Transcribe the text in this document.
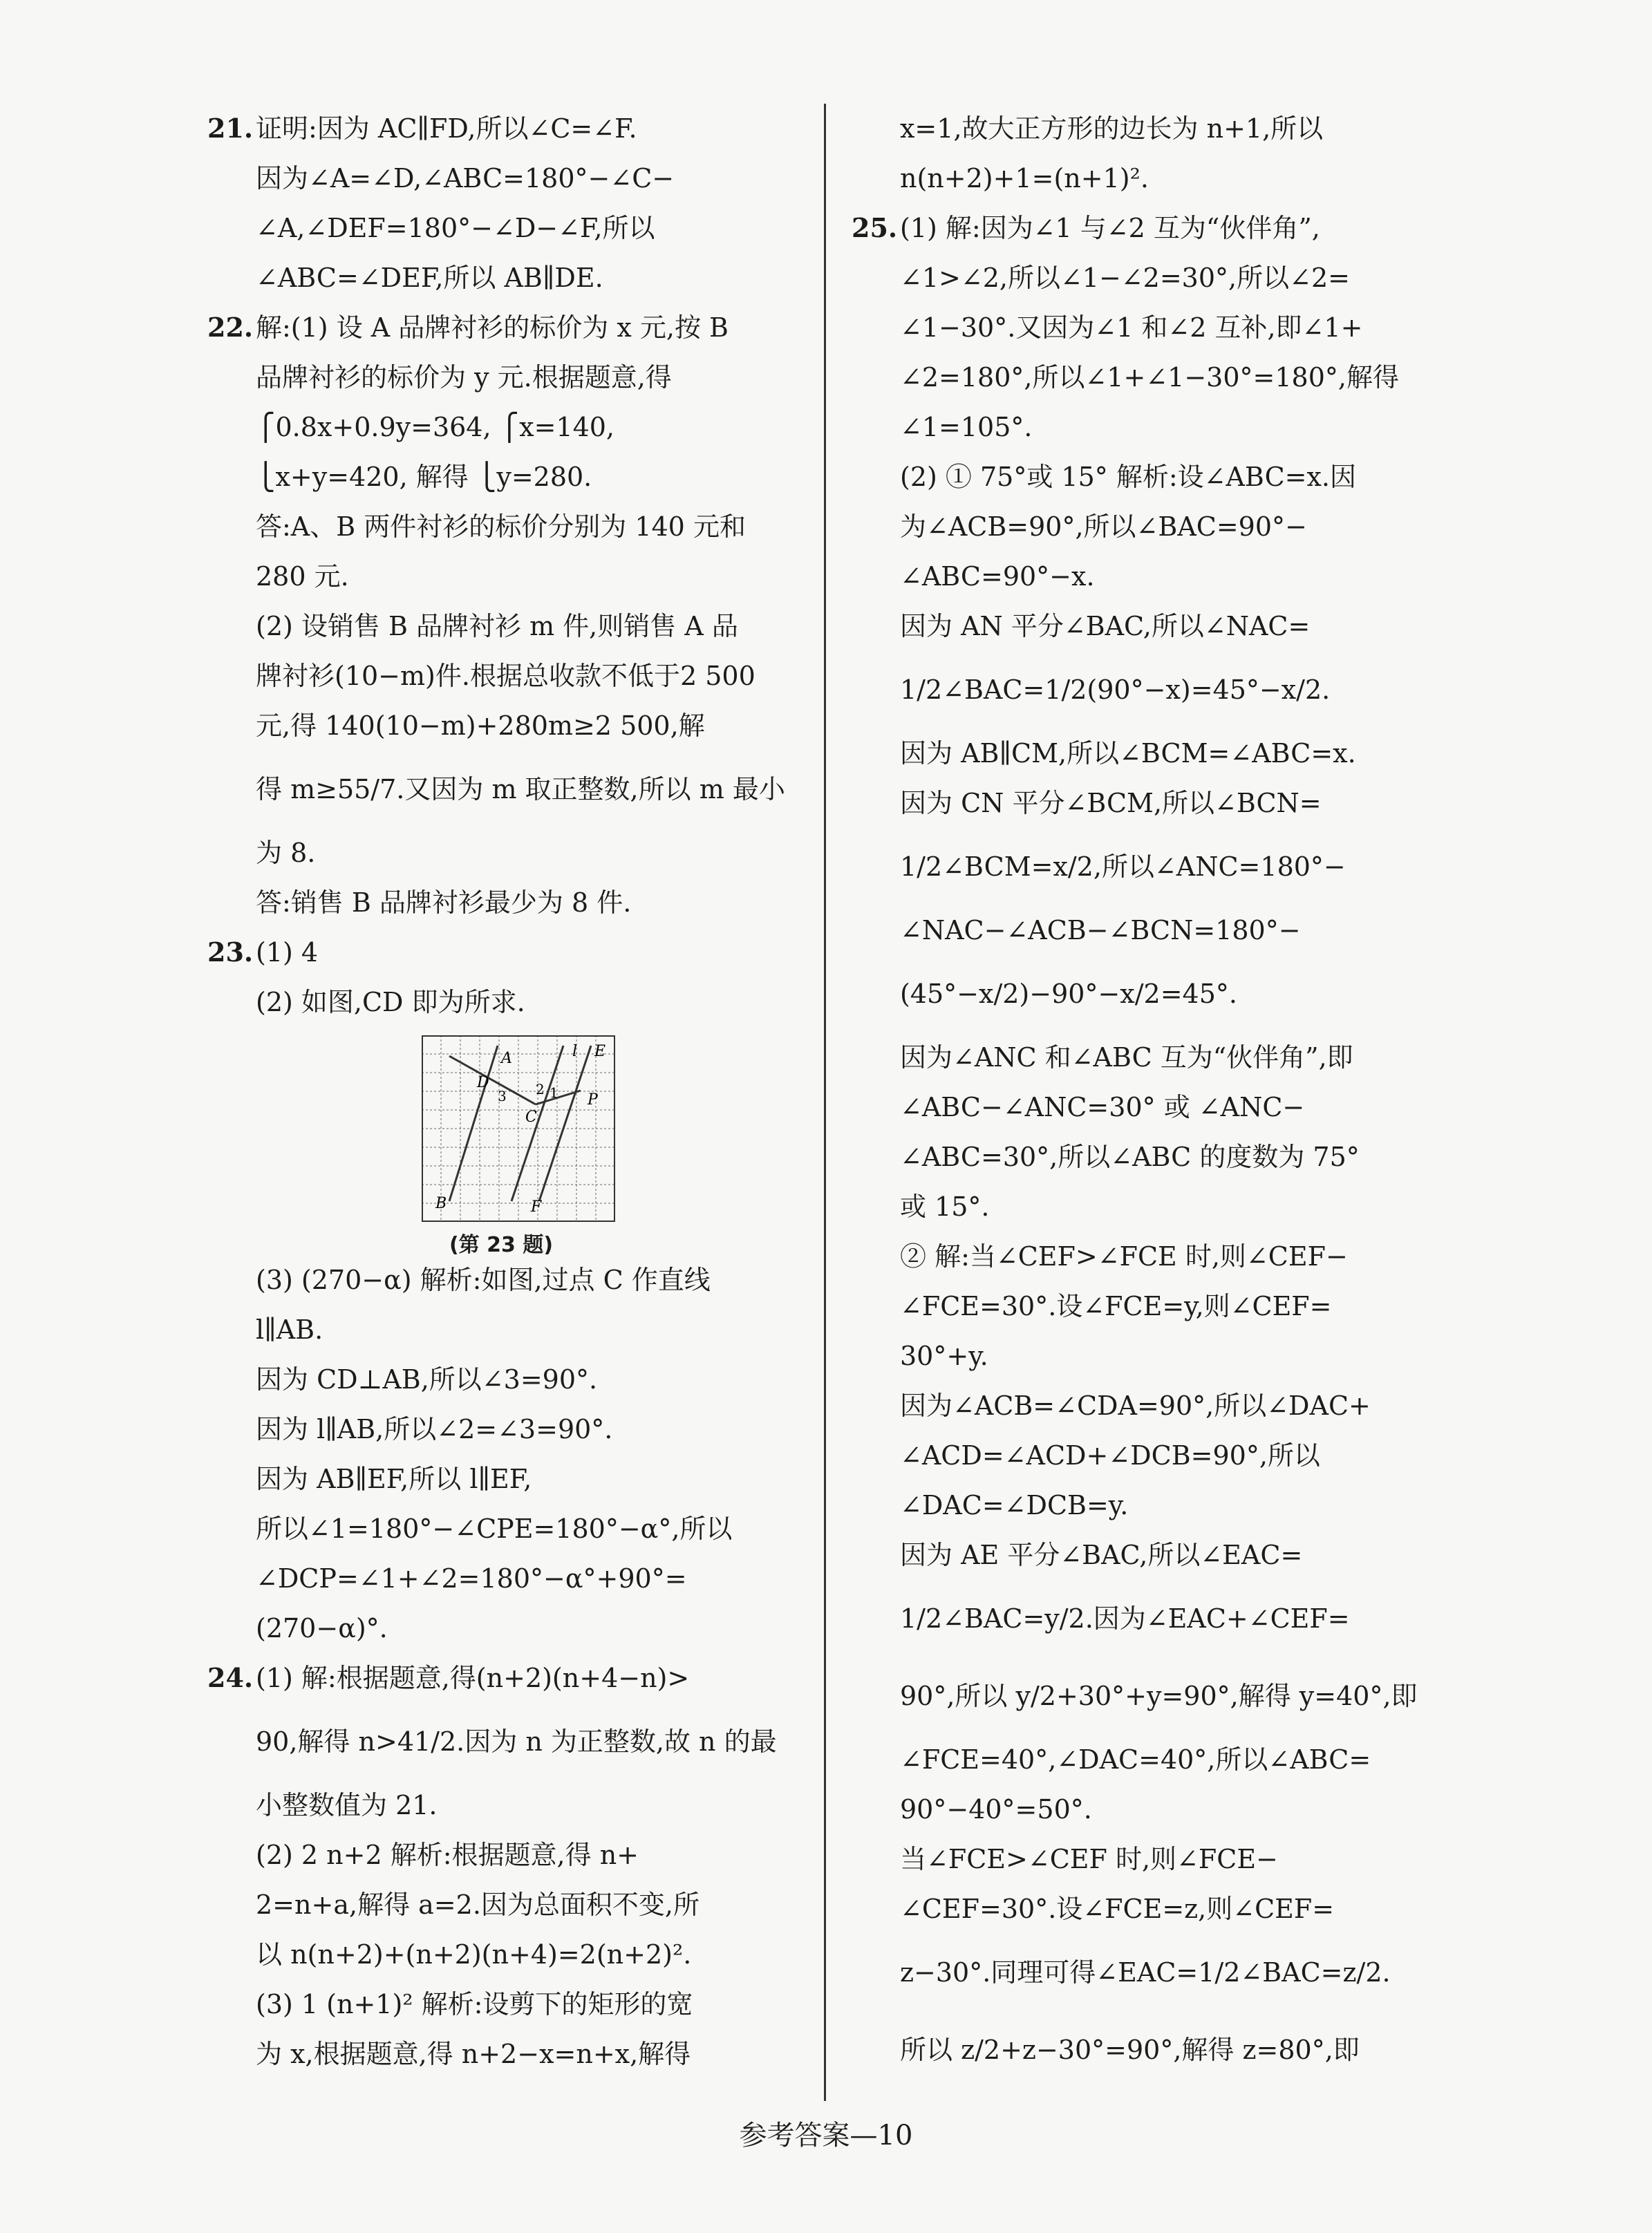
21. 证明:因为 AC∥FD,所以∠C=∠F.
因为∠A=∠D,∠ABC=180°−∠C−
∠A,∠DEF=180°−∠D−∠F,所以
∠ABC=∠DEF,所以 AB∥DE.
22. 解:(1) 设 A 品牌衬衫的标价为 x 元,按 B
品牌衬衫的标价为 y 元.根据题意,得
⎧0.8x+0.9y=364, ⎧x=140,
⎩x+y=420, 解得 ⎩y=280.
答:A、B 两件衬衫的标价分别为 140 元和
280 元.
(2) 设销售 B 品牌衬衫 m 件,则销售 A 品
牌衬衫(10−m)件.根据总收款不低于2 500
元,得 140(10−m)+280m≥2 500,解
得 m≥55/7.又因为 m 取正整数,所以 m 最小
为 8.
答:销售 B 品牌衬衫最少为 8 件.
23. (1) 4
(2) 如图,CD 即为所求.
A
B
C
D
E
F
P
l
1
2
3
(第 23 题)
(3) (270−α) 解析:如图,过点 C 作直线
l∥AB.
因为 CD⊥AB,所以∠3=90°.
因为 l∥AB,所以∠2=∠3=90°.
因为 AB∥EF,所以 l∥EF,
所以∠1=180°−∠CPE=180°−α°,所以
∠DCP=∠1+∠2=180°−α°+90°=
(270−α)°.
24. (1) 解:根据题意,得(n+2)(n+4−n)>
90,解得 n>41/2.因为 n 为正整数,故 n 的最
小整数值为 21.
(2) 2 n+2 解析:根据题意,得 n+
2=n+a,解得 a=2.因为总面积不变,所
以 n(n+2)+(n+2)(n+4)=2(n+2)².
(3) 1 (n+1)² 解析:设剪下的矩形的宽
为 x,根据题意,得 n+2−x=n+x,解得
x=1,故大正方形的边长为 n+1,所以
n(n+2)+1=(n+1)².
25. (1) 解:因为∠1 与∠2 互为“伙伴角”,
∠1>∠2,所以∠1−∠2=30°,所以∠2=
∠1−30°.又因为∠1 和∠2 互补,即∠1+
∠2=180°,所以∠1+∠1−30°=180°,解得
∠1=105°.
(2) ① 75°或 15° 解析:设∠ABC=x.因
为∠ACB=90°,所以∠BAC=90°−
∠ABC=90°−x.
因为 AN 平分∠BAC,所以∠NAC=
1/2∠BAC=1/2(90°−x)=45°−x/2.
因为 AB∥CM,所以∠BCM=∠ABC=x.
因为 CN 平分∠BCM,所以∠BCN=
1/2∠BCM=x/2,所以∠ANC=180°−
∠NAC−∠ACB−∠BCN=180°−
(45°−x/2)−90°−x/2=45°.
因为∠ANC 和∠ABC 互为“伙伴角”,即
∠ABC−∠ANC=30° 或 ∠ANC−
∠ABC=30°,所以∠ABC 的度数为 75°
或 15°.
② 解:当∠CEF>∠FCE 时,则∠CEF−
∠FCE=30°.设∠FCE=y,则∠CEF=
30°+y.
因为∠ACB=∠CDA=90°,所以∠DAC+
∠ACD=∠ACD+∠DCB=90°,所以
∠DAC=∠DCB=y.
因为 AE 平分∠BAC,所以∠EAC=
1/2∠BAC=y/2.因为∠EAC+∠CEF=
90°,所以 y/2+30°+y=90°,解得 y=40°,即
∠FCE=40°,∠DAC=40°,所以∠ABC=
90°−40°=50°.
当∠FCE>∠CEF 时,则∠FCE−
∠CEF=30°.设∠FCE=z,则∠CEF=
z−30°.同理可得∠EAC=1/2∠BAC=z/2.
所以 z/2+z−30°=90°,解得 z=80°,即
参考答案—10
